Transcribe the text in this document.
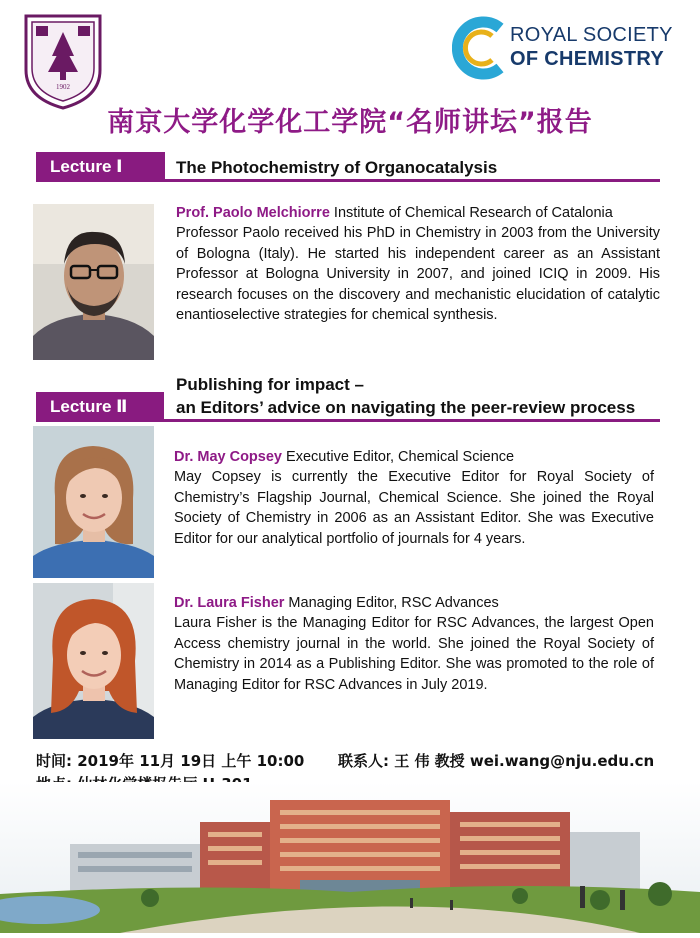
1902
ROYAL SOCIETY
OF CHEMISTRY
南京大学化学化工学院“名师讲坛”报告
Lecture Ⅰ	The Photochemistry of Organocatalysis

Prof. Paolo Melchiorre Institute of Chemical Research of Catalonia

Professor Paolo received his PhD in Chemistry in 2003 from the University of Bologna (Italy). He started his independent career as an Assistant Professor at Bologna University in 2007, and joined ICIQ in 2009. His research focuses on the discovery and mechanistic elucidation of catalytic enantioselective strategies for chemical synthesis.

Lecture Ⅱ
Publishing for impact –
an Editors’ advice on navigating the peer-review process

Dr. May Copsey Executive Editor, Chemical Science

May Copsey is currently the Executive Editor for Royal Society of Chemistry’s Flagship Journal, Chemical Science. She joined the Royal Society of Chemistry in 2006 as an Assistant Editor. She was Executive Editor for our analytical portfolio of journals for 4 years.

Dr. Laura Fisher Managing Editor, RSC Advances

Laura Fisher is the Managing Editor for RSC Advances, the largest Open Access chemistry journal in the world. She joined the Royal Society of Chemistry in 2014 as a Publishing Editor. She was promoted to the role of Managing Editor for RSC Advances in July 2019.

时间: 2019年 11月 19日 上午 10:00 联系人: 王 伟 教授 wei.wang@nju.edu.cn
